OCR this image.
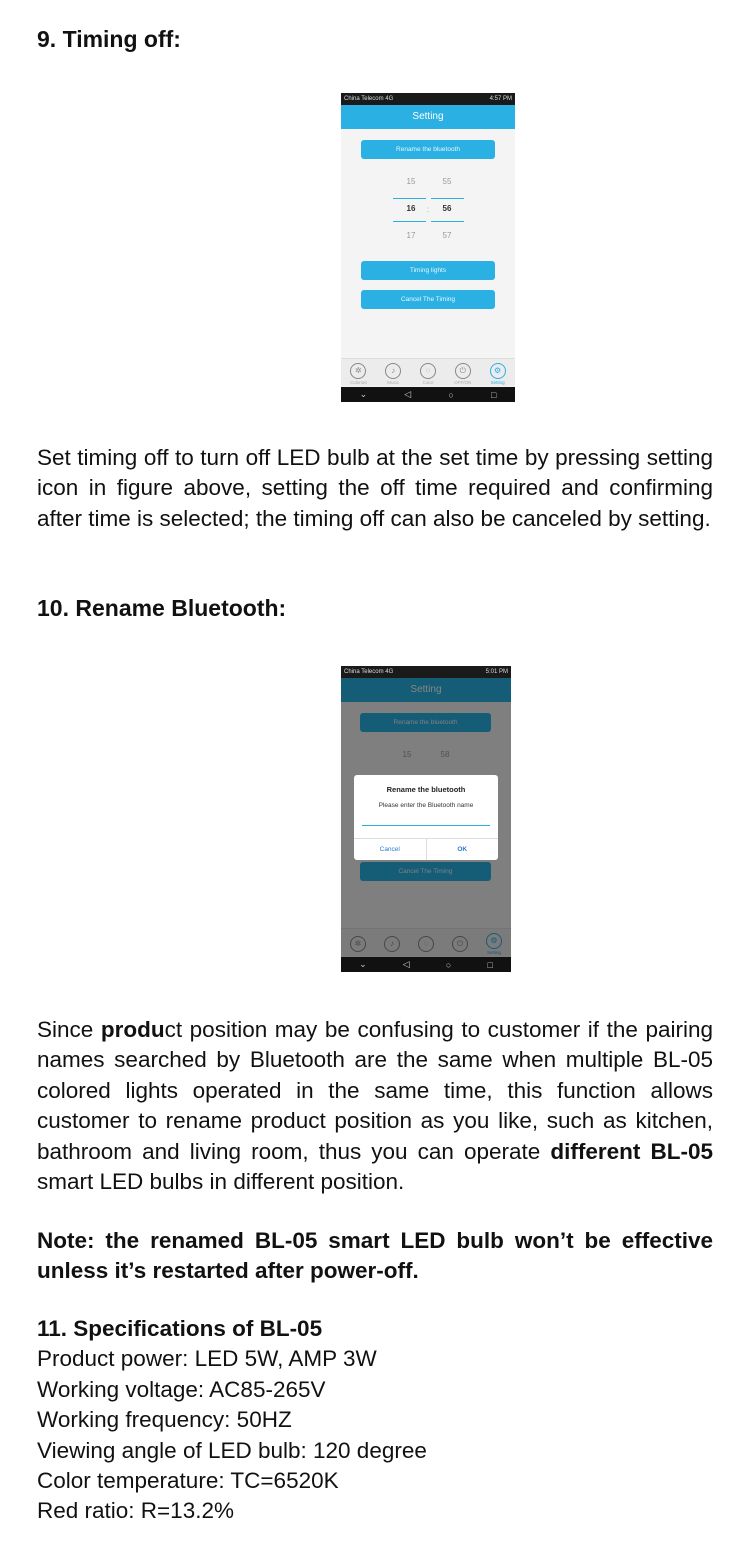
9. Timing off:
China Telecom 4G	4:57 PM
Setting
Rename the bluetooth
15
16
17
:
55
56
57
Timing lights
Cancel The Timing
✲
Colorset
♪
Music
◌
Color
⏻
OFF/ON
⚙
Setting
⌄	◁	○	□
Set timing off to turn off LED bulb at the set time by pressing setting icon in figure above, setting the off time required and confirming after time is selected; the timing off can also be canceled by setting.
10. Rename Bluetooth:
China Telecom 4G	5:01 PM
Setting
Rename the bluetooth
15	58
Cancel The Timing
✲	♪	◌	⏻	⚙
Setting
⌄	◁	○	□
Rename the bluetooth
Please enter the Bluetooth name
Cancel	OK
Since product position may be confusing to customer if the pairing names searched by Bluetooth are the same when multiple BL-05 colored lights operated in the same time, this function allows customer to rename product position as you like, such as kitchen, bathroom and living room, thus you can operate different BL-05 smart LED bulbs in different position.
Note: the renamed BL-05 smart LED bulb won’t be effective unless it’s restarted after power-off.
11. Specifications of BL-05
Product power: LED 5W, AMP 3W
Working voltage: AC85-265V
Working frequency: 50HZ
Viewing angle of LED bulb: 120 degree
Color temperature: TC=6520K
Red ratio: R=13.2%
